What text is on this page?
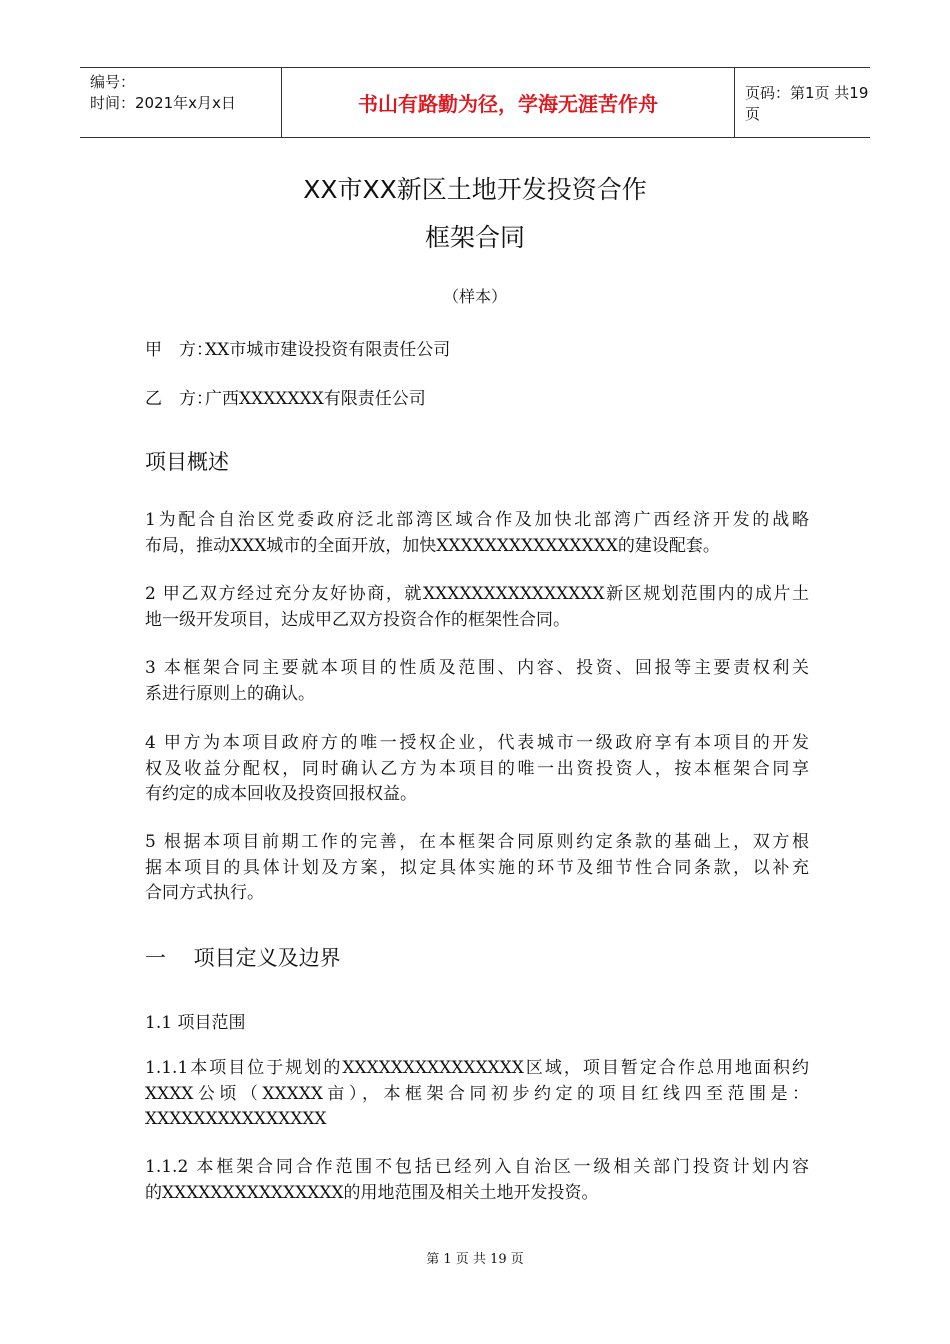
编号：
时间：2021年x月x日	书山有路勤为径，学海无涯苦作舟	页码：第1页 共19页
XX市XX新区土地开发投资合作
框架合同
（样本）
甲　方：XX市城市建设投资有限责任公司
乙　方：广西XXXXXXX有限责任公司
项目概述
1为配合自治区党委政府泛北部湾区域合作及加快北部湾广西经济开发的战略
布局，推动XXX城市的全面开放，加快XXXXXXXXXXXXXXX的建设配套。
2 甲乙双方经过充分友好协商，就XXXXXXXXXXXXXXX新区规划范围内的成片土
地一级开发项目，达成甲乙双方投资合作的框架性合同。
3 本框架合同主要就本项目的性质及范围、内容、投资、回报等主要责权利关
系进行原则上的确认。
4 甲方为本项目政府方的唯一授权企业，代表城市一级政府享有本项目的开发
权及收益分配权，同时确认乙方为本项目的唯一出资投资人，按本框架合同享
有约定的成本回收及投资回报权益。
5 根据本项目前期工作的完善，在本框架合同原则约定条款的基础上，双方根
据本项目的具体计划及方案，拟定具体实施的环节及细节性合同条款，以补充
合同方式执行。
一　 项目定义及边界
1.1 项目范围
1.1.1本项目位于规划的XXXXXXXXXXXXXXX区域，项目暂定合作总用地面积约
XXXX公顷（XXXXX亩），本框架合同初步约定的项目红线四至范围是：
XXXXXXXXXXXXXXX
1.1.2 本框架合同合作范围不包括已经列入自治区一级相关部门投资计划内容
的XXXXXXXXXXXXXXX的用地范围及相关土地开发投资。
第 1 页 共 19 页
